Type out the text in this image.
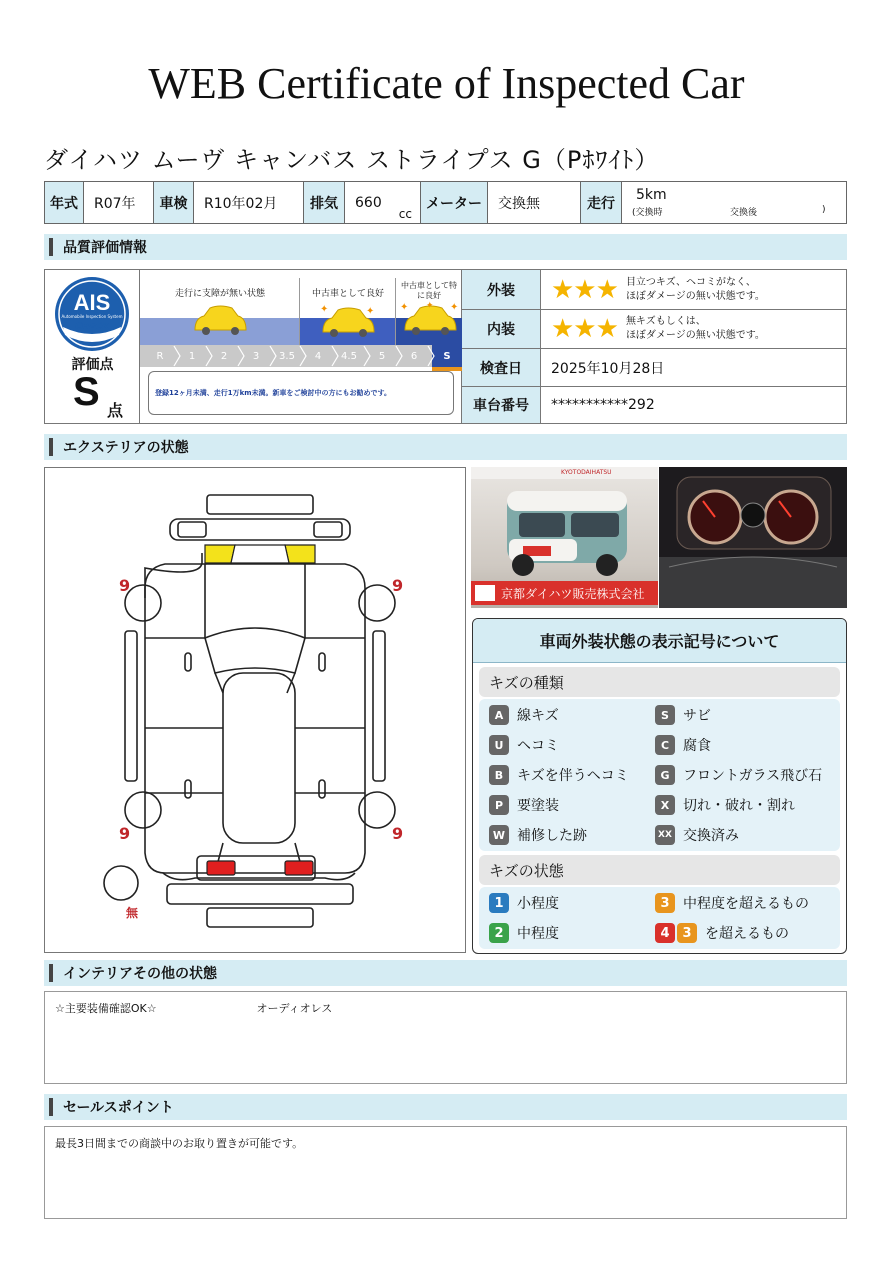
WEB Certificate of Inspected Car
ダイハツ ムーヴ キャンバス ストライプス G（Pﾎﾜｲﾄ）
年式	R07年	車検	R10年02月	排気	660
cc
メーター	交換無	走行
5km
(交換時	交換後	)
品質評価情報
AIS
Automobile Inspection System
CHECK
評価点
S 点
走行に支障が無い状態	中古車として良好
中古車として特に良好
✦	✦	✦	✦
✦
R	1	2	3	3.5	4	4.5	5	6	S
登録12ヶ月未満、走行1万km未満。新車をご検討中の方にもお勧めです。
外装	★★★ 目立つキズ、ヘコミがなく、
ほぼダメージの無い状態です。
内装	★★★ 無キズもしくは、
ほぼダメージの無い状態です。
検査日	2025年10月28日
車台番号	***********292
エクステリアの状態
9	9
9	9
無
KYOTODAIHATSU
京都ダイハツ販売株式会社
車両外装状態の表示記号について
キズの種類
A 線キズ	S	サビ
U ヘコミ	C 腐食
B キズを伴うヘコミ	G フロントガラス飛び石
P 要塗装	X 切れ・破れ・割れ
W 補修した跡	XX 交換済み
キズの状態
1 小程度	3 中程度を超えるもの
2 中程度	4 3 を超えるもの
インテリアその他の状態
☆主要装備確認OK☆	オーディオレス
セールスポイント
最長3日間までの商談中のお取り置きが可能です。
